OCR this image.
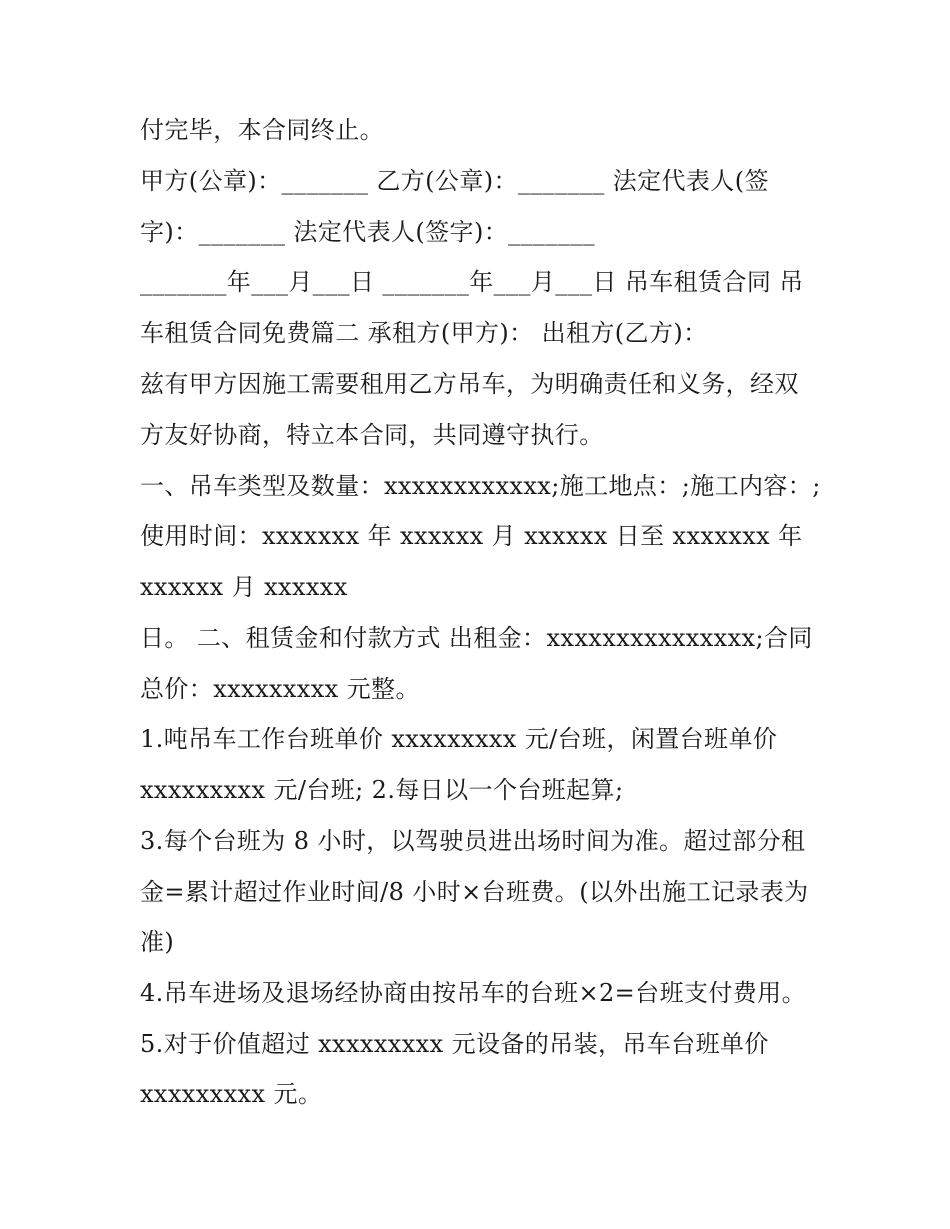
付完毕，本合同终止。
甲方(公章)：_______ 乙方(公章)：_______ 法定代表人(签
字)：_______ 法定代表人(签字)：_______
_______年___月___日 _______年___月___日 吊车租赁合同 吊
车租赁合同免费篇二 承租方(甲方)： 出租方(乙方)：
兹有甲方因施工需要租用乙方吊车，为明确责任和义务，经双
方友好协商，特立本合同，共同遵守执行。
一、吊车类型及数量：xxxxxxxxxxxx;施工地点：;施工内容：;
使用时间：xxxxxxx 年 xxxxxx 月 xxxxxx 日至 xxxxxxx 年
xxxxxx 月 xxxxxx
日。 二、租赁金和付款方式 出租金：xxxxxxxxxxxxxxx;合同
总价：xxxxxxxxx 元整。
1.吨吊车工作台班单价 xxxxxxxxx 元/台班，闲置台班单价
xxxxxxxxx 元/台班; 2.每日以一个台班起算;
3.每个台班为 8 小时，以驾驶员进出场时间为准。超过部分租
金=累计超过作业时间/8 小时×台班费。(以外出施工记录表为
准)
4.吊车进场及退场经协商由按吊车的台班×2=台班支付费用。
5.对于价值超过 xxxxxxxxx 元设备的吊装，吊车台班单价
xxxxxxxxx 元。
